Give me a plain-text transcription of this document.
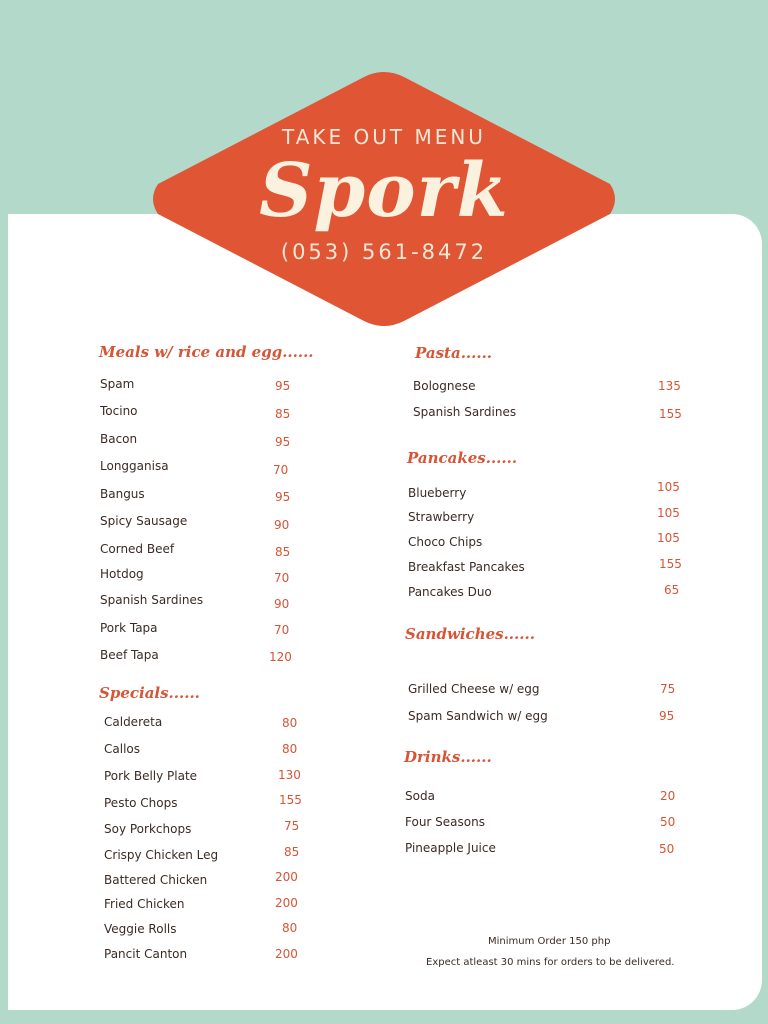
TAKE OUT MENU
Spork
(053) 561-8472
Meals w/ rice and egg......
Spam	95
Tocino	85
Bacon	95
Longganisa	70
Bangus	95
Spicy Sausage	90
Corned Beef	85
Hotdog	70
Spanish Sardines	90
Pork Tapa	70
Beef Tapa	120
Specials......
Caldereta	80
Callos	80
Pork Belly Plate	130
Pesto Chops	155
Soy Porkchops	75
Crispy Chicken Leg	85
Battered Chicken	200
Fried Chicken	200
Veggie Rolls	80
Pancit Canton	200
Pasta......
Bolognese	135
Spanish Sardines	155
Pancakes......
Blueberry	105
Strawberry	105
Choco Chips	105
Breakfast Pancakes	155
Pancakes Duo	65
Sandwiches......
Grilled Cheese w/ egg	75
Spam Sandwich w/ egg	95
Drinks......
Soda	20
Four Seasons	50
Pineapple Juice	50
Minimum Order 150 php
Expect atleast 30 mins for orders to be delivered.
